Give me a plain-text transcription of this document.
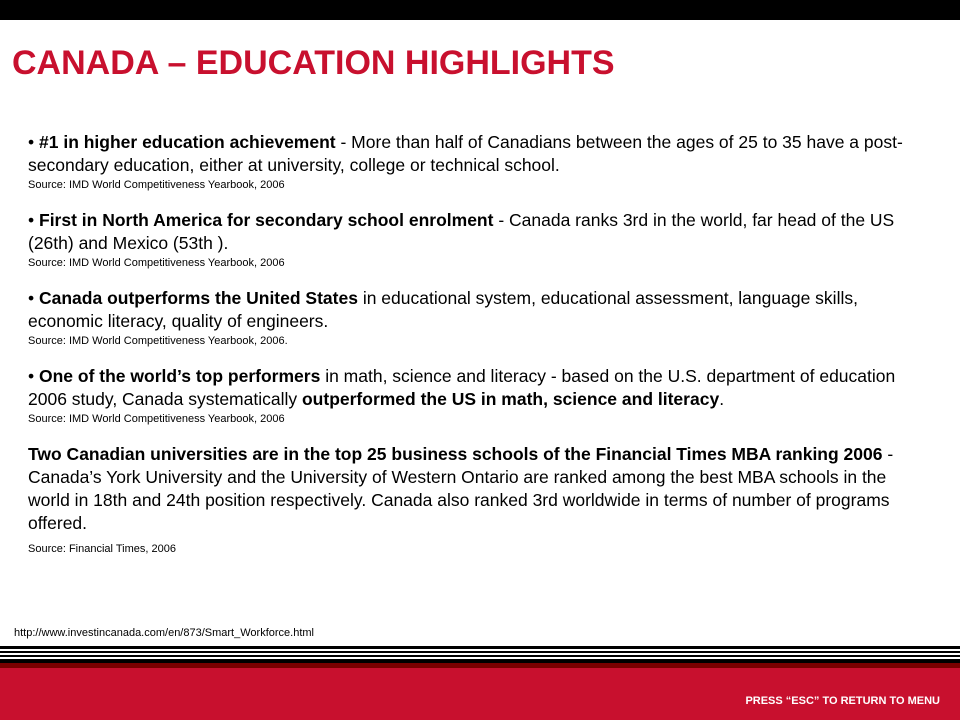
CANADA – EDUCATION HIGHLIGHTS

• #1 in higher education achievement - More than half of Canadians between the ages of 25 to 35 have a post-secondary education, either at university, college or technical school.

Source: IMD World Competitiveness Yearbook, 2006

• First in North America for secondary school enrolment - Canada ranks 3rd in the world, far head of the US (26th) and Mexico (53th ).

Source: IMD World Competitiveness Yearbook, 2006

• Canada outperforms the United States in educational system, educational assessment, language skills, economic literacy, quality of engineers.

Source: IMD World Competitiveness Yearbook, 2006.

• One of the world’s top performers in math, science and literacy - based on the U.S. department of education 2006 study, Canada systematically outperformed the US in math, science and literacy.

Source: IMD World Competitiveness Yearbook, 2006

Two Canadian universities are in the top 25 business schools of the Financial Times MBA ranking 2006 - Canada’s York University and the University of Western Ontario are ranked among the best MBA schools in the world in 18th and 24th position respectively. Canada also ranked 3rd worldwide in terms of number of programs offered.

Source: Financial Times, 2006
http://www.investincanada.com/en/873/Smart_Workforce.html
PRESS “ESC” TO RETURN TO MENU
